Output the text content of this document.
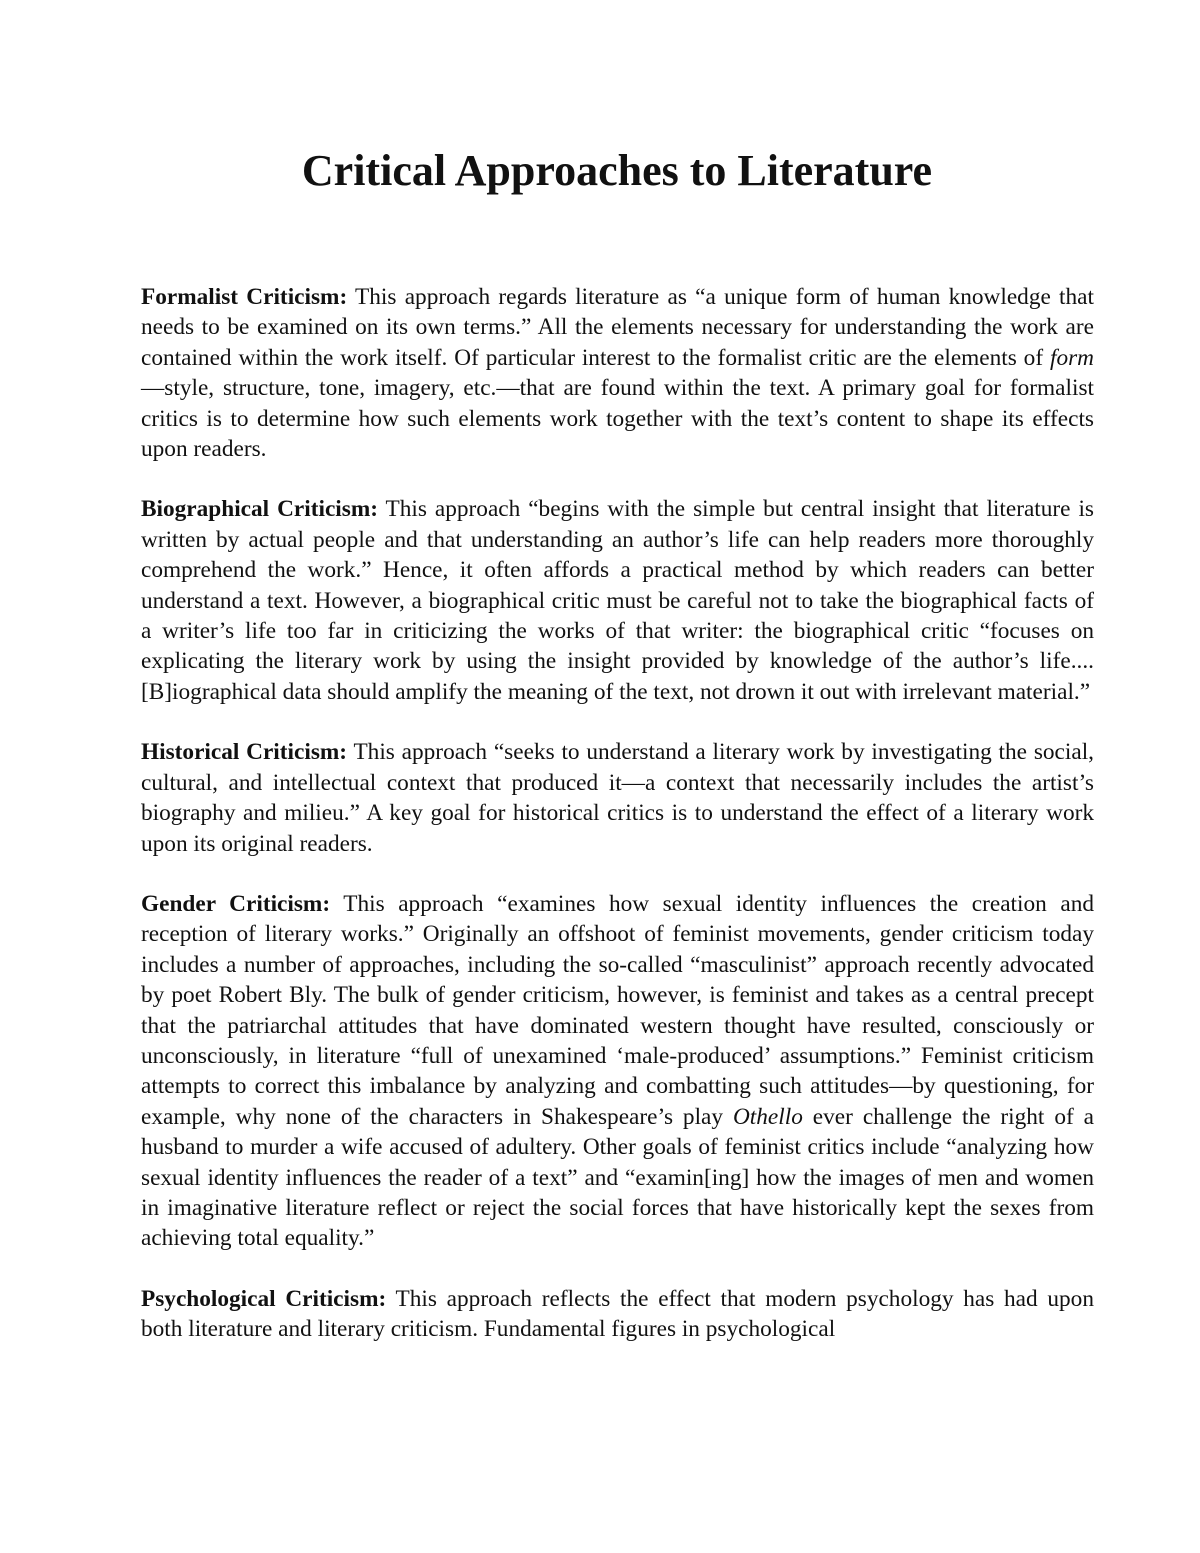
Critical Approaches to Literature

Formalist Criticism: This approach regards literature as “a unique form of human knowledge that needs to be examined on its own terms.” All the elements necessary for understanding the work are contained within the work itself. Of particular interest to the formalist critic are the elements of form—style, structure, tone, imagery, etc.—that are found within the text. A primary goal for formalist critics is to determine how such elements work together with the text’s content to shape its effects upon readers.

Biographical Criticism: This approach “begins with the simple but central insight that literature is written by actual people and that understanding an author’s life can help readers more thoroughly comprehend the work.” Hence, it often affords a practical method by which readers can better understand a text. However, a biographical critic must be careful not to take the biographical facts of a writer’s life too far in criticizing the works of that writer: the biographical critic “focuses on explicating the literary work by using the insight provided by knowledge of the author’s life.... [B]iographical data should amplify the meaning of the text, not drown it out with irrelevant material.”

Historical Criticism: This approach “seeks to understand a literary work by investigating the social, cultural, and intellectual context that produced it—a context that necessarily includes the artist’s biography and milieu.” A key goal for historical critics is to understand the effect of a literary work upon its original readers.

Gender Criticism: This approach “examines how sexual identity influences the creation and reception of literary works.” Originally an offshoot of feminist movements, gender criticism today includes a number of approaches, including the so-called “masculinist” approach recently advocated by poet Robert Bly. The bulk of gender criticism, however, is feminist and takes as a central precept that the patriarchal attitudes that have dominated western thought have resulted, consciously or unconsciously, in literature “full of unexamined ‘male-produced’ assumptions.” Feminist criticism attempts to correct this imbalance by analyzing and combatting such attitudes—by questioning, for example, why none of the characters in Shakespeare’s play Othello ever challenge the right of a husband to murder a wife accused of adultery. Other goals of feminist critics include “analyzing how sexual identity influences the reader of a text” and “examin[ing] how the images of men and women in imaginative literature reflect or reject the social forces that have historically kept the sexes from achieving total equality.”

Psychological Criticism: This approach reflects the effect that modern psychology has had upon both literature and literary criticism. Fundamental figures in psychological
